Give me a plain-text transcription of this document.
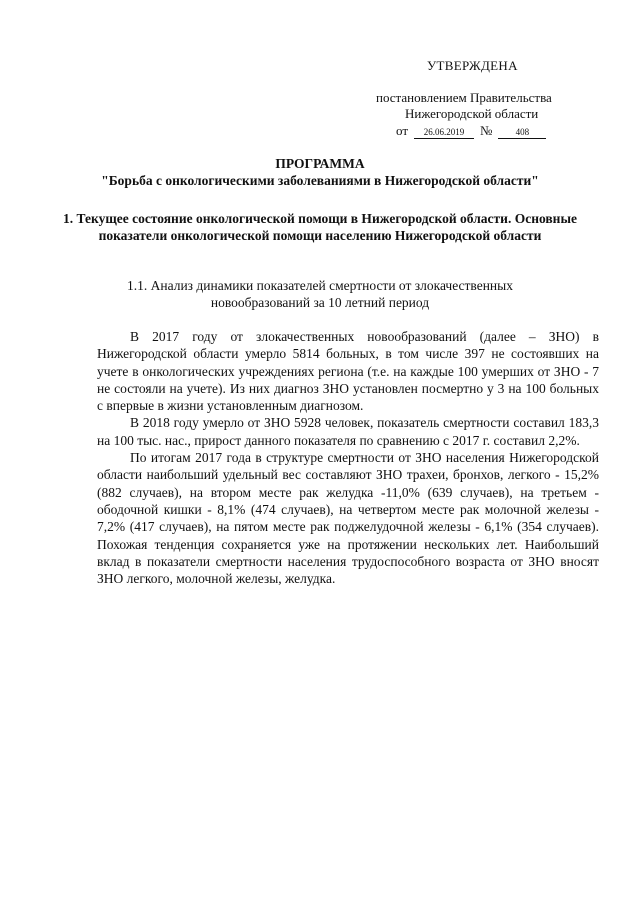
УТВЕРЖДЕНА
постановлением Правительства
Нижегородской области
от	26.06.2019	№	408
ПРОГРАММА
"Борьба с онкологическими заболеваниями в Нижегородской области"
1. Текущее состояние онкологической помощи в Нижегородской области. Основные показатели онкологической помощи населению Нижегородской области
1.1. Анализ динамики показателей смертности от злокачественных новообразований за 10 летний период

В 2017 году от злокачественных новообразований (далее – ЗНО) в Нижегородской области умерло 5814 больных, в том числе 397 не состоявших на учете в онкологических учреждениях региона (т.е. на каждые 100 умерших от ЗНО - 7 не состояли на учете). Из них диагноз ЗНО установлен посмертно у 3 на 100 больных с впервые в жизни установленным диагнозом.

В 2018 году умерло от ЗНО 5928 человек, показатель смертности составил 183,3 на 100 тыс. нас., прирост данного показателя по сравнению с 2017 г. составил 2,2%.

По итогам 2017 года в структуре смертности от ЗНО населения Нижегородской области наибольший удельный вес составляют ЗНО трахеи, бронхов, легкого - 15,2% (882 случаев), на втором месте рак желудка -11,0% (639 случаев), на третьем - ободочной кишки - 8,1% (474 случаев), на четвертом месте рак молочной железы - 7,2% (417 случаев), на пятом месте рак поджелудочной железы - 6,1% (354 случаев). Похожая тенденция сохраняется уже на протяжении нескольких лет. Наибольший вклад в показатели смертности населения трудоспособного возраста от ЗНО вносят ЗНО легкого, молочной железы, желудка.
